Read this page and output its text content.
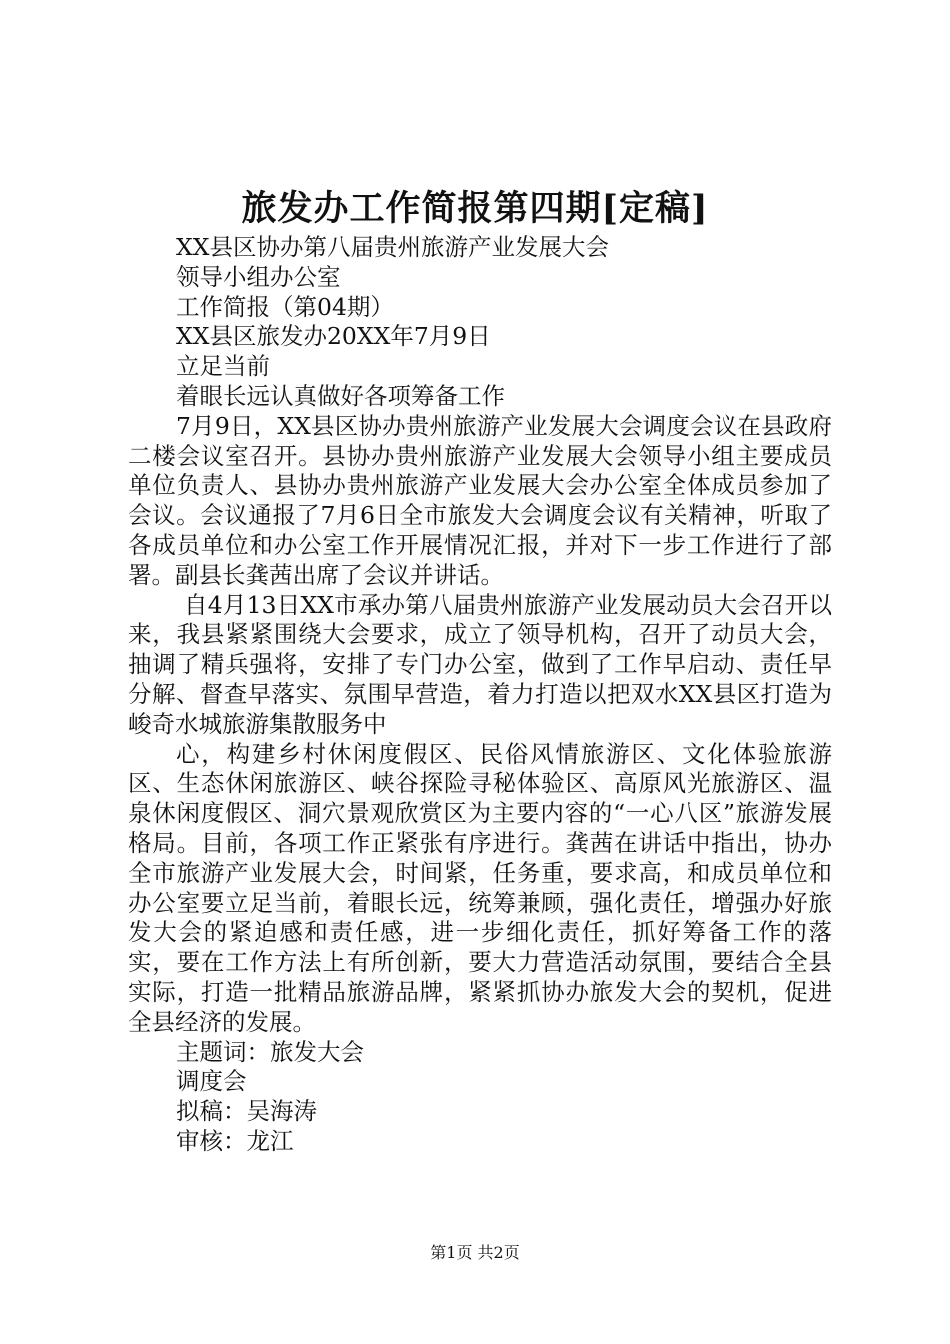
旅发办工作简报第四期[定稿]
XX县区协办第八届贵州旅游产业发展大会
领导小组办公室
工作简报（第04期）
XX县区旅发办20XX年7月9日
立足当前
着眼长远认真做好各项筹备工作

7月9日，XX县区协办贵州旅游产业发展大会调度会议在县政府二楼会议室召开。县协办贵州旅游产业发展大会领导小组主要成员单位负责人、县协办贵州旅游产业发展大会办公室全体成员参加了会议。会议通报了7月6日全市旅发大会调度会议有关精神，听取了各成员单位和办公室工作开展情况汇报，并对下一步工作进行了部署。副县长龚茜出席了会议并讲话。

自4月13日XX市承办第八届贵州旅游产业发展动员大会召开以来，我县紧紧围绕大会要求，成立了领导机构，召开了动员大会，抽调了精兵强将，安排了专门办公室，做到了工作早启动、责任早分解、督查早落实、氛围早营造，着力打造以把双水XX县区打造为峻奇水城旅游集散服务中

心，构建乡村休闲度假区、民俗风情旅游区、文化体验旅游区、生态休闲旅游区、峡谷探险寻秘体验区、高原风光旅游区、温泉休闲度假区、洞穴景观欣赏区为主要内容的“一心八区”旅游发展格局。目前，各项工作正紧张有序进行。龚茜在讲话中指出，协办全市旅游产业发展大会，时间紧，任务重，要求高，和成员单位和办公室要立足当前，着眼长远，统筹兼顾，强化责任，增强办好旅发大会的紧迫感和责任感，进一步细化责任，抓好筹备工作的落实，要在工作方法上有所创新，要大力营造活动氛围，要结合全县实际，打造一批精品旅游品牌，紧紧抓协办旅发大会的契机，促进全县经济的发展。

主题词：旅发大会
调度会
拟稿：吴海涛
审核：龙江
第1页 共2页
